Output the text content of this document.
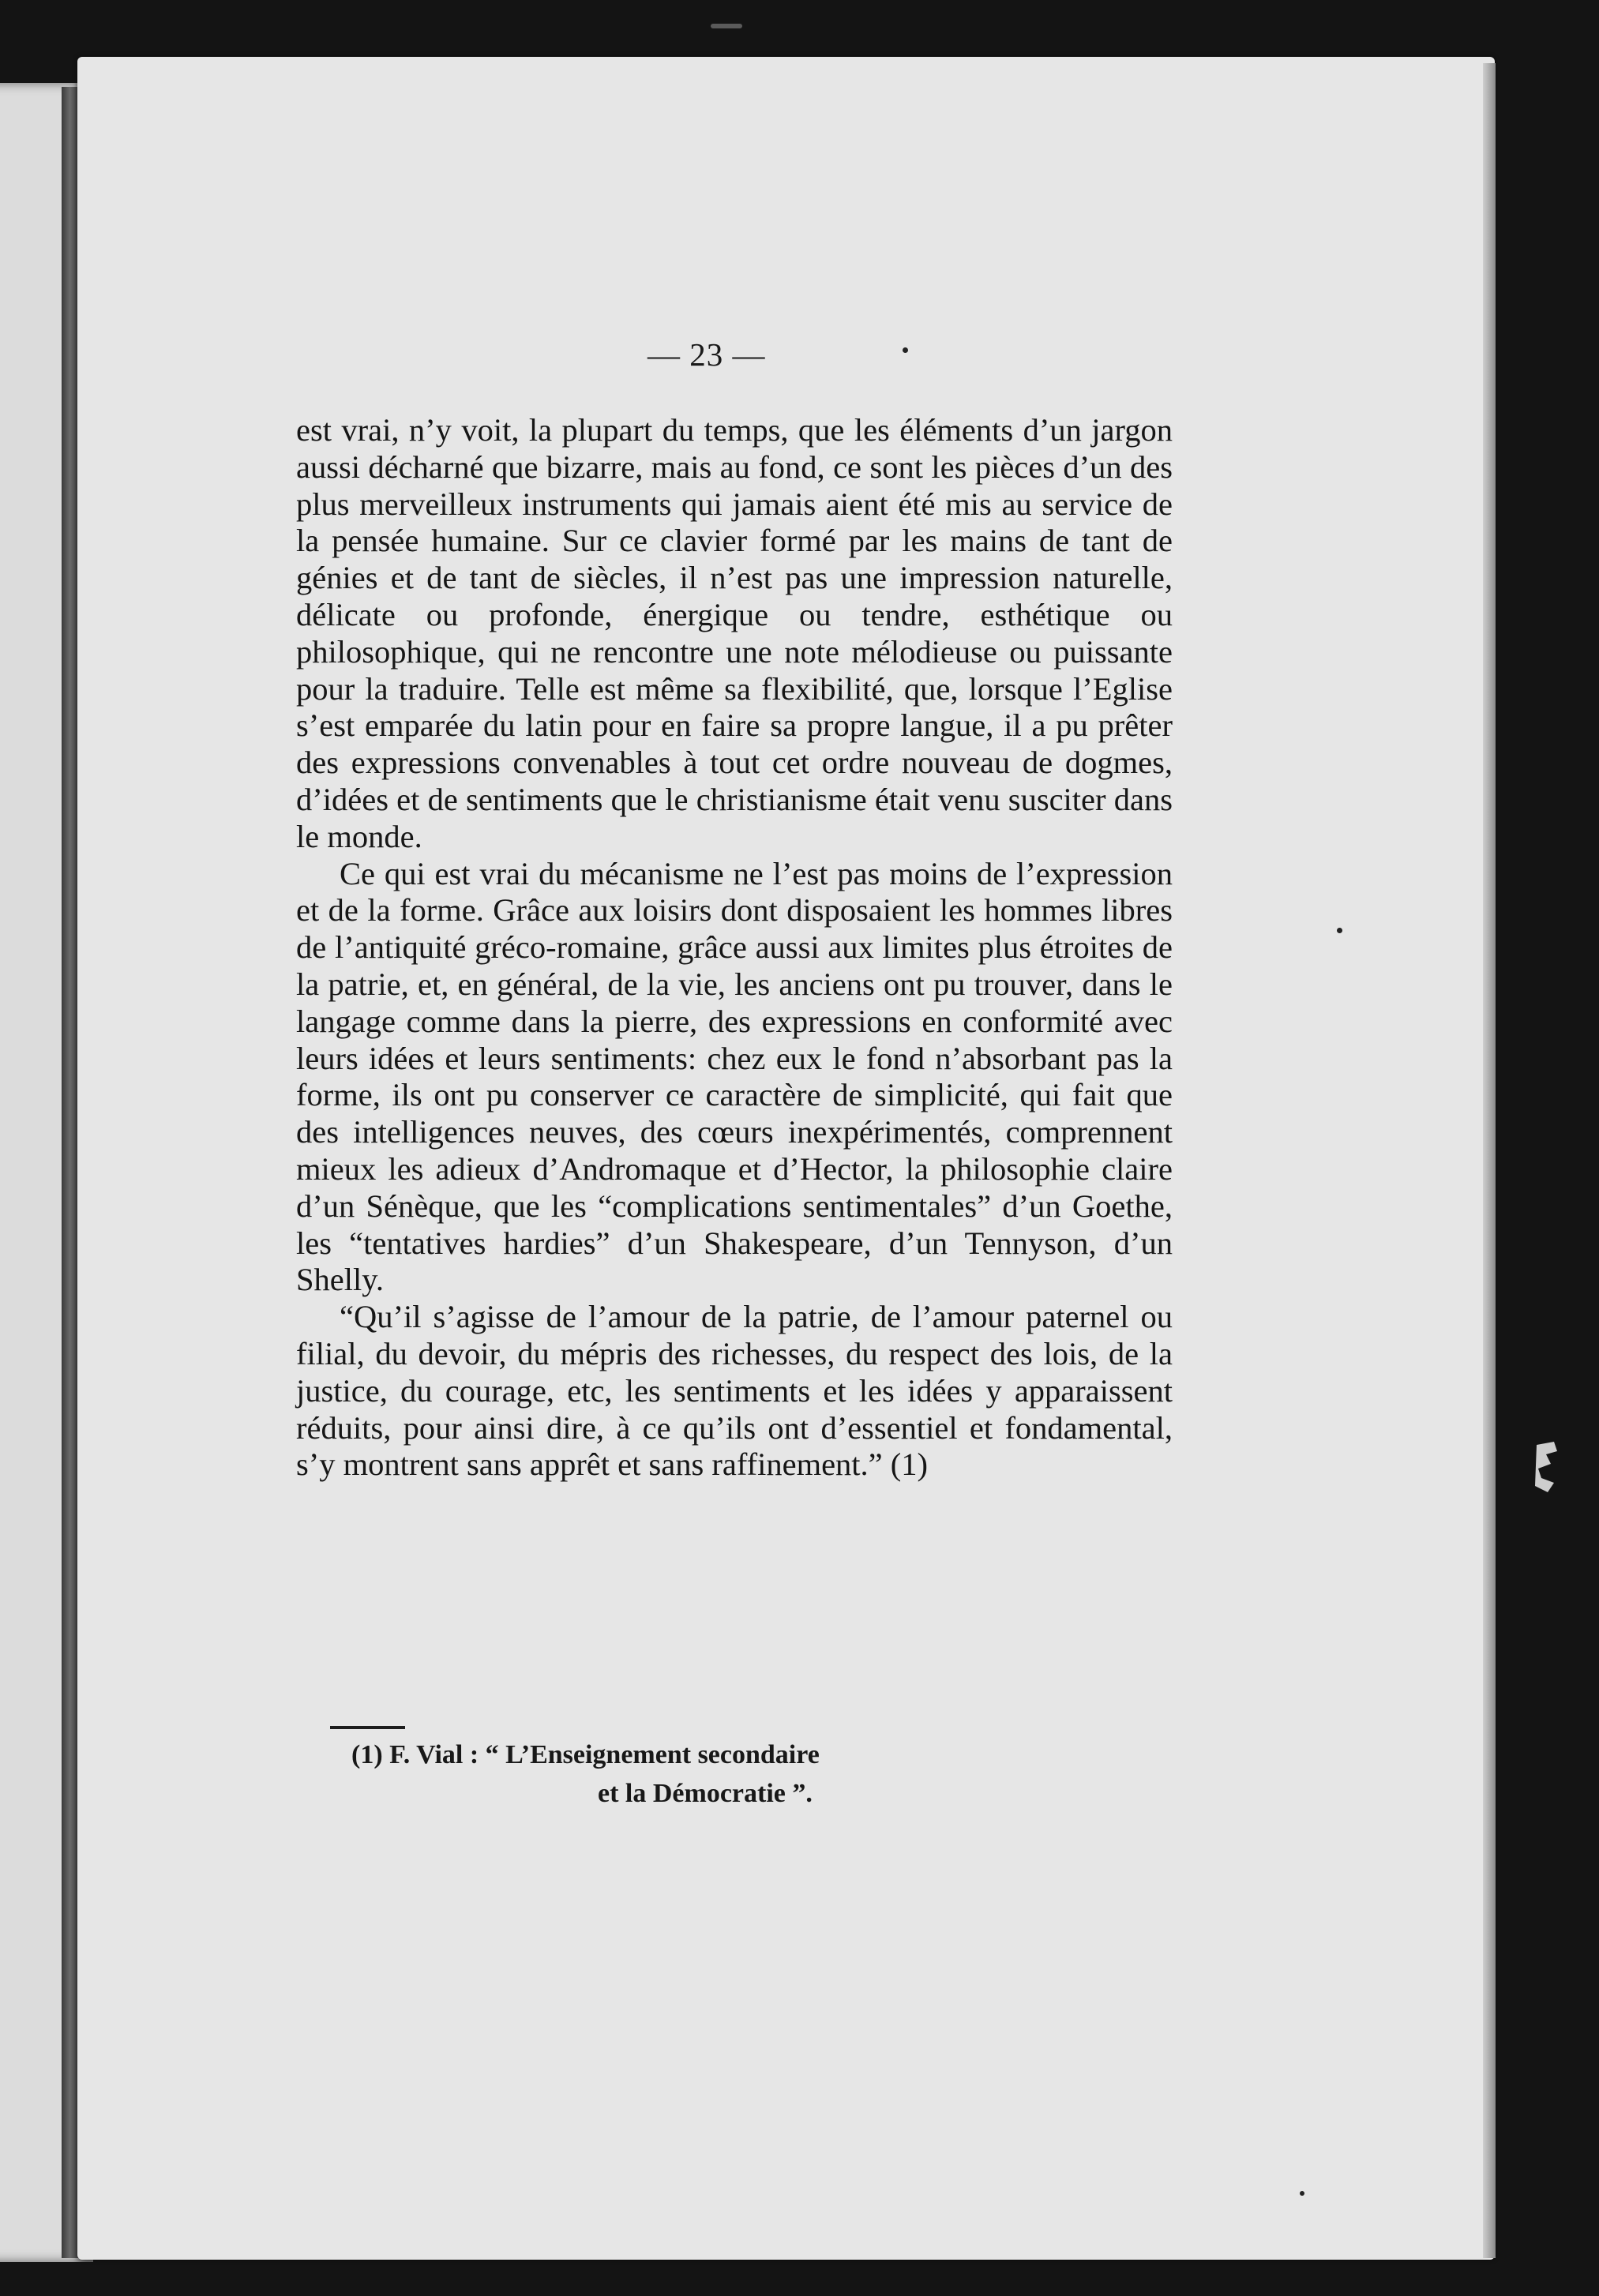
— 23 —

est vrai, n’y voit, la plupart du temps, que les éléments d’un jargon aussi décharné que bizarre, mais au fond, ce sont les pièces d’un des plus merveilleux instruments qui jamais aient été mis au service de la pensée humaine. Sur ce clavier formé par les mains de tant de génies et de tant de siècles, il n’est pas une impression naturelle, délicate ou profonde, énergique ou tendre, esthétique ou philosophique, qui ne rencontre une note mélodieuse ou puissante pour la traduire. Telle est même sa flexibilité, que, lorsque l’Eglise s’est emparée du latin pour en faire sa propre langue, il a pu prêter des expressions convenables à tout cet ordre nouveau de dogmes, d’idées et de sentiments que le christianisme était venu susciter dans le monde.

Ce qui est vrai du mécanisme ne l’est pas moins de l’expression et de la forme. Grâce aux loisirs dont disposaient les hommes libres de l’antiquité gréco-romaine, grâce aussi aux limites plus étroites de la patrie, et, en général, de la vie, les anciens ont pu trouver, dans le langage comme dans la pierre, des expressions en conformité avec leurs idées et leurs sentiments: chez eux le fond n’absorbant pas la forme, ils ont pu conserver ce caractère de simplicité, qui fait que des intelligences neuves, des cœurs inexpérimentés, comprennent mieux les adieux d’Andromaque et d’Hector, la philosophie claire d’un Sénèque, que les “complications sentimentales” d’un Goethe, les “tentatives hardies” d’un Shakespeare, d’un Tennyson, d’un Shelly.

“Qu’il s’agisse de l’amour de la patrie, de l’amour paternel ou filial, du devoir, du mépris des richesses, du respect des lois, de la justice, du courage, etc, les sentiments et les idées y apparaissent réduits, pour ainsi dire, à ce qu’ils ont d’essentiel et fondamental, s’y montrent sans apprêt et sans raffinement.” (1)

(1) F. Vial : “ L’Enseignement secondaire
et la Démocratie ”.
